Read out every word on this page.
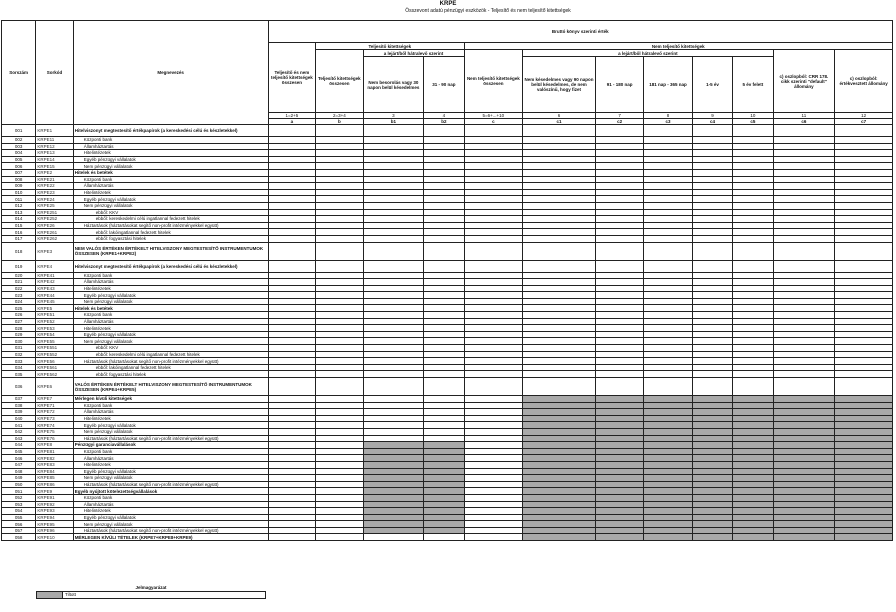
KRPE
Összevont adatú pénzügyi eszközök - Teljesítő és nem teljesítő kitettségek
Sorszám	Sorkód	Megnevezés	Bruttó könyv szerinti érték											
			Teljesítő és nem teljesítő kitettségek összesen	Teljesítő kitettségek			Nem teljesítő kitettségek							
				Teljesítő kitettségek összesen	a lejárt/ből hátralevő szerint		Nem teljesítő kitettségek összesen	a lejárt/ből hátralevő szerint					c) oszlopból: CRR 178. cikk szerinti "default" állomány	c) oszlopból: értékvesztett állomány
					Nem besorolás vagy 30 napon belül késedelmes	31 - 90 nap		Nem késedelmes vagy 90 napon belül késedelmes, de nem valószínű, hogy fizet	91 - 180 nap	181 nap - 365 nap	1-5 év	5 év felett		
			1=2+5	2=3+4	3	4	5=6+...+10	6	7	8	9	10	11	12
			a	b	b1	b2	c	c1	c2	c3	c4	c5	c6	c7
001	KRPE1	Hitelviszonyt megtestesítő értékpapírok (a kereskedési célú és készletekkel)												
002	KRPE11	Központi bank												
003	KRPE12	Államháztartás												
004	KRPE13	Hitelintézetek												
005	KRPE14	Egyéb pénzügyi vállalatok												
006	KRPE15	Nem pénzügyi vállalatok												
007	KRPE2	Hitelek és betétek												
008	KRPE21	Központi bank												
009	KRPE22	Államháztartás												
010	KRPE23	Hitelintézetek												
011	KRPE24	Egyéb pénzügyi vállalatok												
012	KRPE25	Nem pénzügyi vállalatok												
013	KRPE251	ebből: KKV												
014	KRPE252	ebből: kereskedelmi célú ingatlannal fedezett hitelek												
015	KRPE26	Háztartások (háztartásokat segítő non-profit intézményekkel együtt)												
016	KRPE261	ebből: lakóingatlannal fedezett hitelek												
017	KRPE262	ebből: fogyasztási hitelek												
018	KRPE3	NEM VALÓS ÉRTÉKEN ÉRTÉKELT HITELVISZONY MEGTESTESÍTŐ INSTRUMENTUMOK ÖSSZESEN (KRPE1+KRPE2)												
019	KRPE4	Hitelviszonyt megtestesítő értékpapírok (a kereskedési célú és készletekkel)												
020	KRPE41	Központi bank												
021	KRPE42	Államháztartás												
022	KRPE43	Hitelintézetek												
023	KRPE44	Egyéb pénzügyi vállalatok												
024	KRPE45	Nem pénzügyi vállalatok												
025	KRPE5	Hitelek és betétek												
026	KRPE51	Központi bank												
027	KRPE52	Államháztartás												
028	KRPE53	Hitelintézetek												
029	KRPE54	Egyéb pénzügyi vállalatok												
030	KRPE55	Nem pénzügyi vállalatok												
031	KRPE551	ebből: KKV												
032	KRPE552	ebből: kereskedelmi célú ingatlannal fedezett hitelek												
033	KRPE56	Háztartások (háztartásokat segítő non-profit intézményekkel együtt)												
034	KRPE561	ebből: lakóingatlannal fedezett hitelek												
035	KRPE562	ebből: fogyasztási hitelek												
036	KRPE6	VALÓS ÉRTÉKEN ÉRTÉKELT HITELVISZONY MEGTESTESÍTŐ INSTRUMENTUMOK ÖSSZESEN (KRPE4+KRPE5)												
037	KRPE7	Mérlegen kívüli kitettségek												
038	KRPE71	Központi bank												
039	KRPE72	Államháztartás												
040	KRPE73	Hitelintézetek												
041	KRPE74	Egyéb pénzügyi vállalatok												
042	KRPE75	Nem pénzügyi vállalatok												
043	KRPE76	Háztartások (háztartásokat segítő non-profit intézményekkel együtt)												
044	KRPE8	Pénzügyi garanciavállalások												
045	KRPE81	Központi bank												
046	KRPE82	Államháztartás												
047	KRPE83	Hitelintézetek												
048	KRPE84	Egyéb pénzügyi vállalatok												
049	KRPE85	Nem pénzügyi vállalatok												
050	KRPE86	Háztartások (háztartásokat segítő non-profit intézményekkel együtt)												
051	KRPE9	Egyéb nyújtott kötelezettségvállalások												
052	KRPE91	Központi bank												
053	KRPE92	Államháztartás												
054	KRPE93	Hitelintézetek												
055	KRPE94	Egyéb pénzügyi vállalatok												
056	KRPE95	Nem pénzügyi vállalatok												
057	KRPE96	Háztartások (háztartásokat segítő non-profit intézményekkel együtt)												
058	KRPE10	MÉRLEGEN KÍVÜLI TÉTELEK (KRPE7+KRPE8+KRPE9)												
Jelmagyarázat
	Tiltott
